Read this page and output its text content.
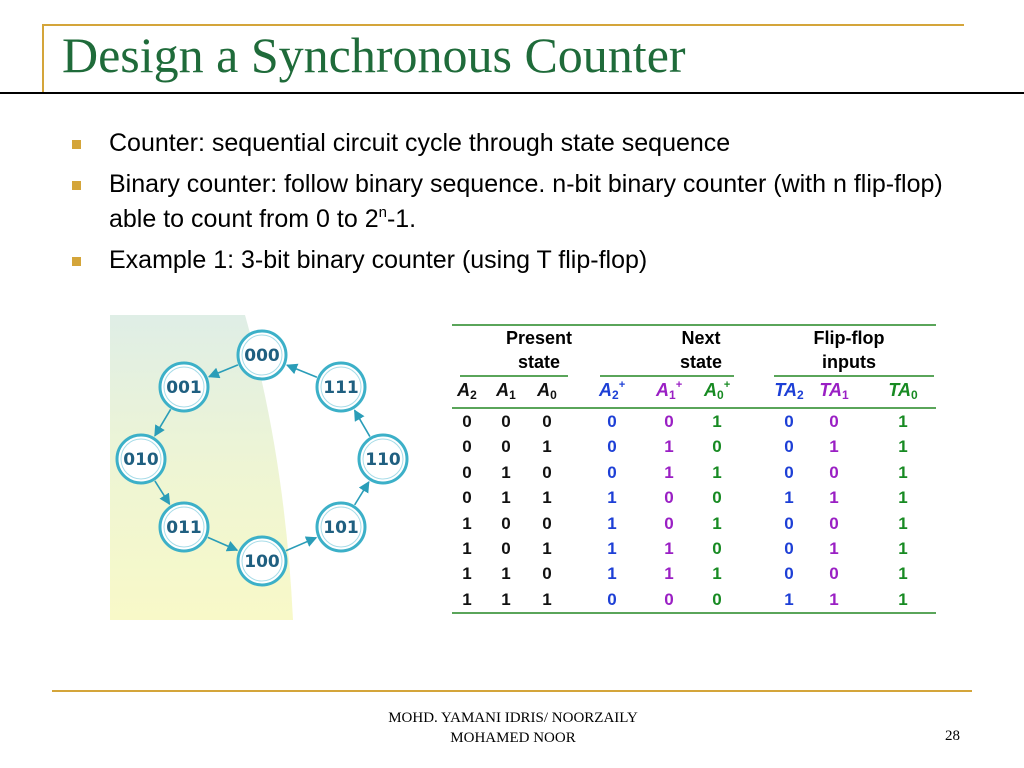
Design a Synchronous Counter
Counter: sequential circuit cycle through state sequence
Binary counter: follow binary sequence. n-bit binary counter (with n flip-flop) able to count from 0 to 2$^n$-1.
Example 1: 3-bit binary counter (using T flip-flop)
000
001
010
011
100
101
110
111
Present
state
Next
state
Flip-flop
inputs
$A_2$	$A_1$	$A_0$	$A_2^+$	$A_1^+$	$A_0^+$	$TA_2$ $TA_1$ $TA_0$
0	0	0	0	0	1	0	0	1
0	0	1	0	1	0	0	1	1
0	1	0	0	1	1	0	0	1
0	1	1	1	0	0	1	1	1
1	0	0	1	0	1	0	0	1
1	0	1	1	1	0	0	1	1
1	1	0	1	1	1	0	0	1
1	1	1	0	0	0	1	1	1
MOHD. YAMANI IDRIS/ NOORZAILY
MOHAMED NOOR	28
